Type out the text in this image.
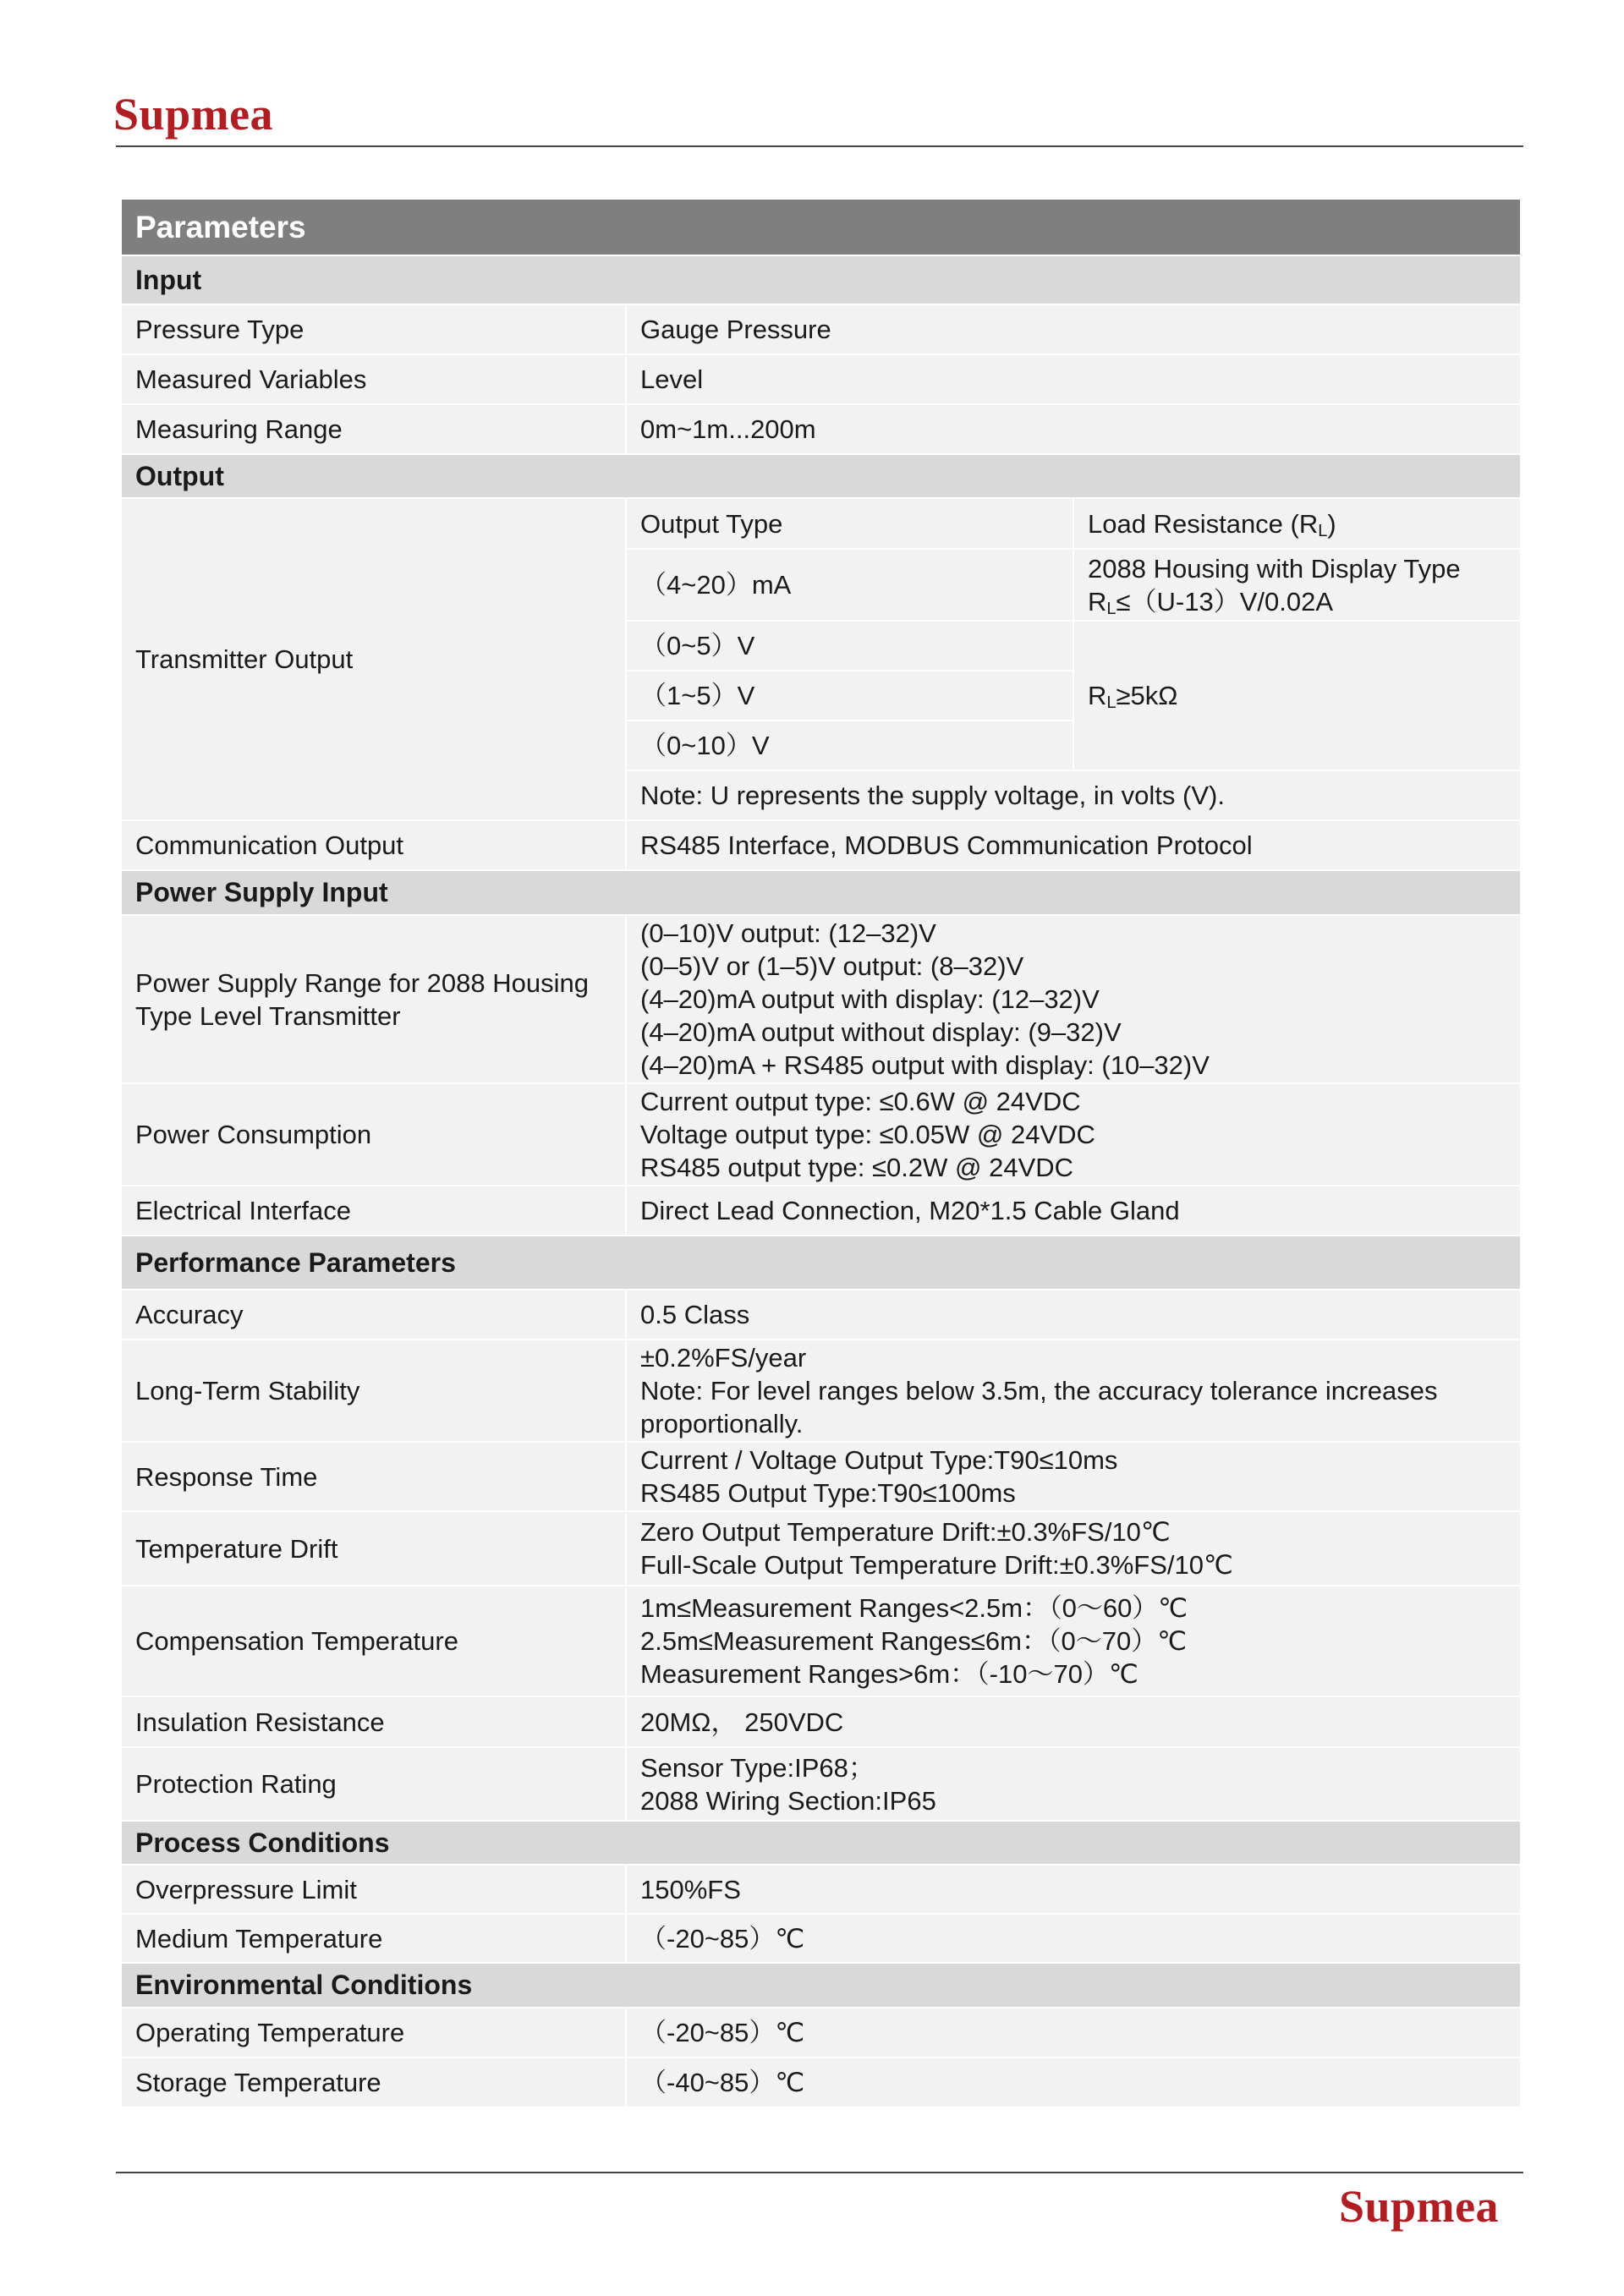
Supmea
Parameters		
Input		
Pressure Type	Gauge Pressure	
Measured Variables	Level	
Measuring Range	0m~1m...200m	
Output		
Transmitter Output	Output Type	Load Resistance $(R_L)$
	（4~20）mA	2088 Housing with Display Type
$R_L\le(U-13)V/0.02A$
	（0~5）V	$R_L\ge 5k\Omega$
	（1~5）V	
	（0~10）V	
	Note: U represents the supply voltage, in volts (V).	
Communication Output	RS485 Interface, MODBUS Communication Protocol	
Power Supply Input		
Power Supply Range for 2088 Housing Type Level Transmitter	(0–10)V output: (12–32)V
(0–5)V or (1–5)V output: (8–32)V
(4–20)mA output with display: (12–32)V
(4–20)mA output without display: (9–32)V
(4–20)mA + RS485 output with display: (10–32)V	

Power Consumption	Current output type: ≤0.6W @ 24VDC
Voltage output type: ≤0.05W @ 24VDC
RS485 output type: ≤0.2W @ 24VDC	

Electrical Interface	Direct Lead Connection, M20*1.5 Cable Gland	
Performance Parameters		
Accuracy	0.5 Class	
Long-Term Stability	±0.2%FS/year
Note: For level ranges below 3.5m, the accuracy tolerance increases proportionally.	

Response Time	Current / Voltage Output Type:T90≤10ms
RS485 Output Type:T90≤100ms	

Temperature Drift	Zero Output Temperature Drift:±0.3%FS/10℃
Full-Scale Output Temperature Drift:±0.3%FS/10℃	

Compensation Temperature	1m≤Measurement Ranges<2.5m：（0～60）℃
2.5m≤Measurement Ranges≤6m：（0～70）℃
Measurement Ranges>6m：（-10～70）℃	

Insulation Resistance	20MΩ， 250VDC	
Protection Rating	Sensor Type:IP68；
2088 Wiring Section:IP65	

Process Conditions		
Overpressure Limit	150%FS	
Medium Temperature	（-20~85）℃	
Environmental Conditions		
Operating Temperature	（-20~85）℃	
Storage Temperature	（-40~85）℃	
Supmea
